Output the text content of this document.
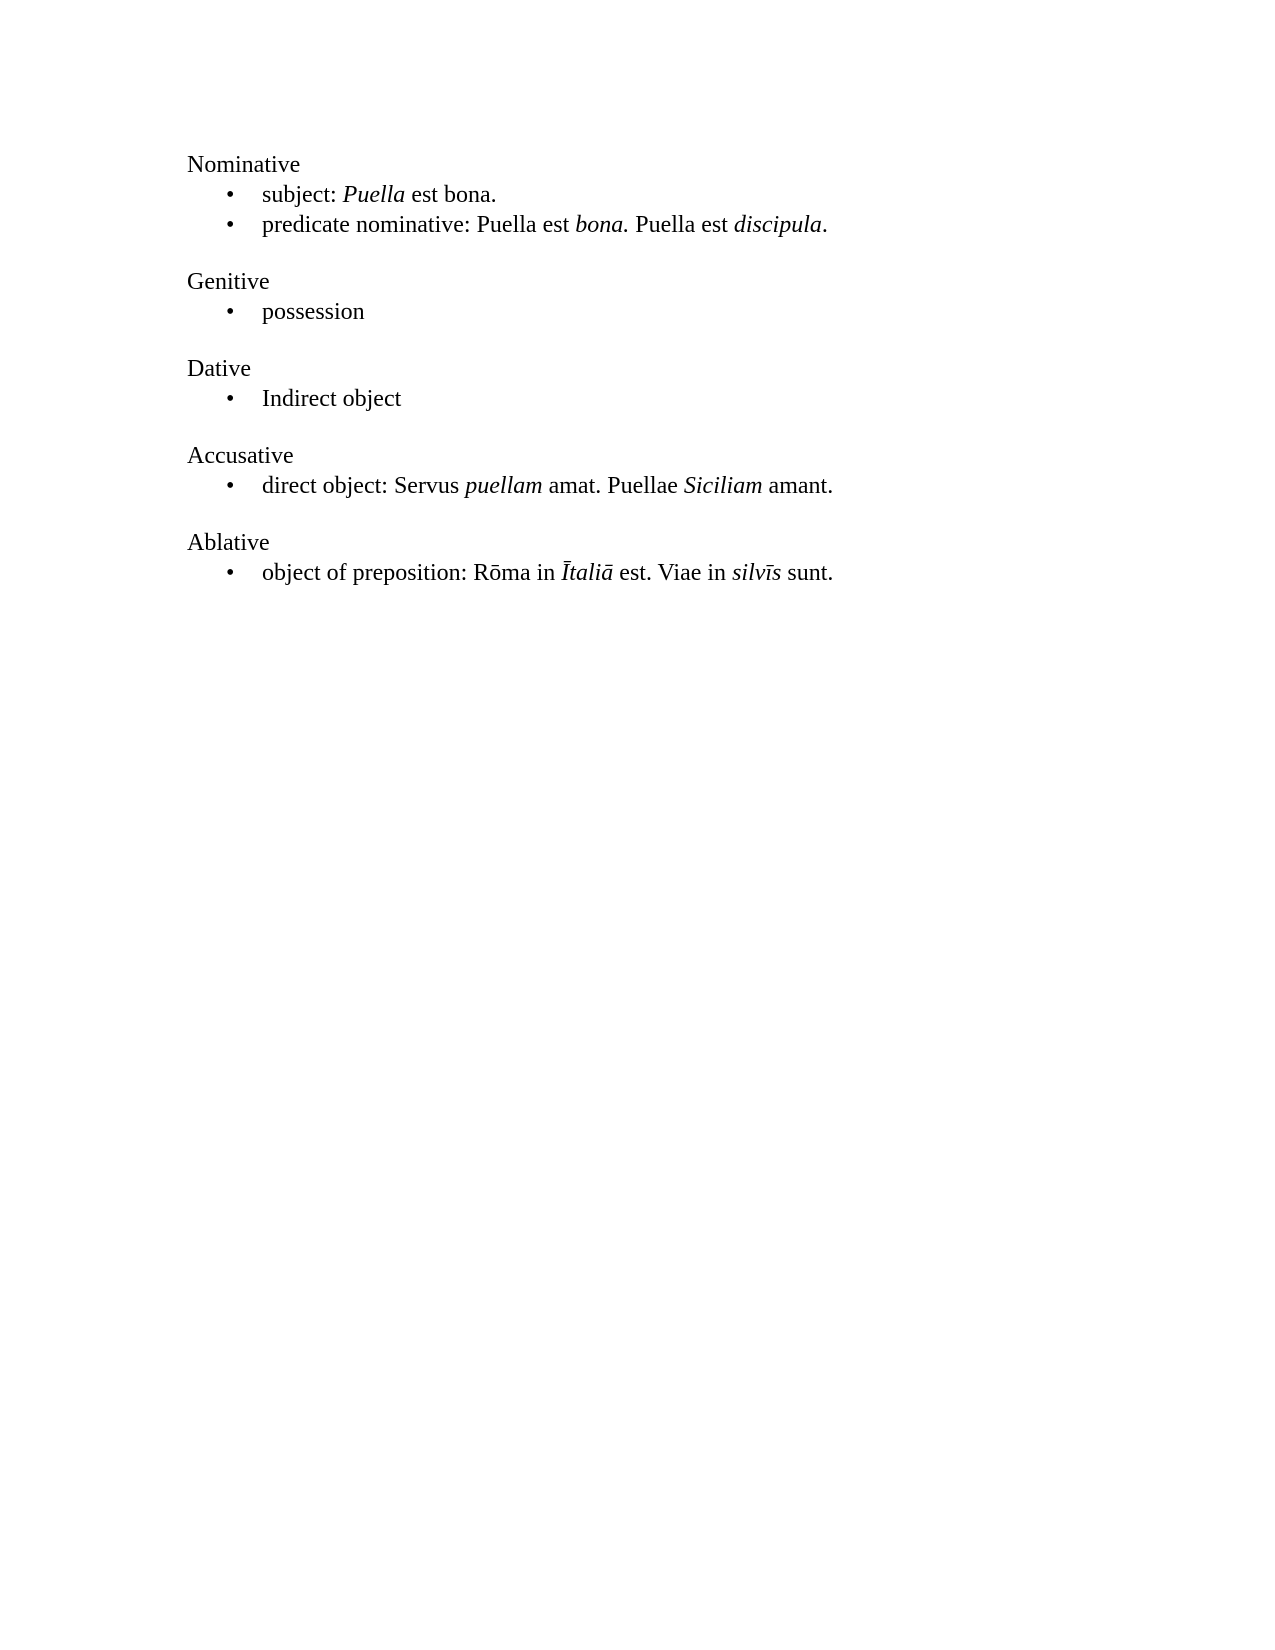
Nominative
• subject: Puella est bona.
• predicate nominative: Puella est bona. Puella est discipula.
Genitive
• possession
Dative
• Indirect object
Accusative
• direct object: Servus puellam amat. Puellae Siciliam amant.
Ablative
• object of preposition: Rōma in Ītaliā est. Viae in silvīs sunt.
